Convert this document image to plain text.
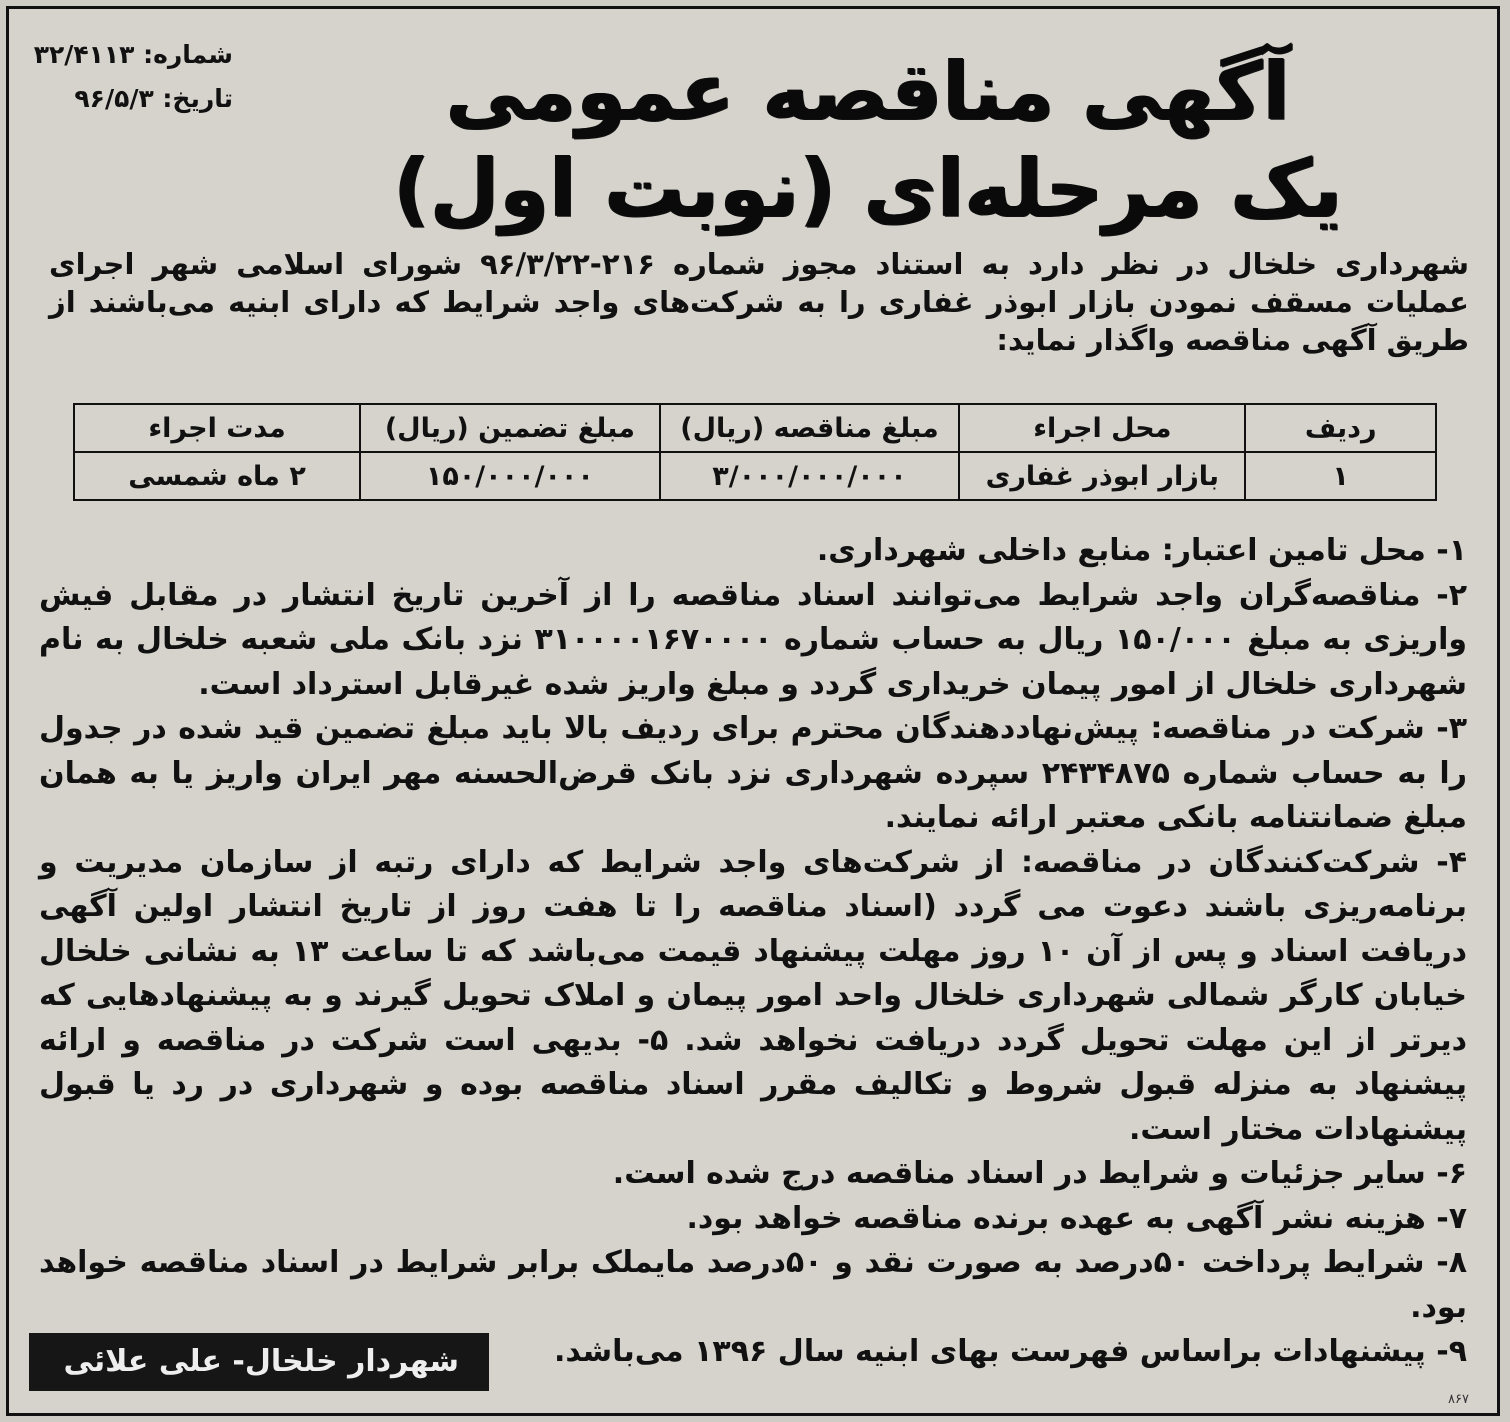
شماره: ۳۲/۴۱۱۳
تاریخ: ۹۶/۵/۳	آگهی مناقصه عمومی
یک مرحله‌ای (نوبت اول)
شهرداری خلخال در نظر دارد به استناد مجوز شماره ۲۱۶-۹۶/۳/۲۲ شورای اسلامی شهر اجرای عملیات مسقف نمودن بازار ابوذر غفاری را به شرکت‌های واجد شرایط که دارای ابنیه می‌باشند از طریق آگهی مناقصه واگذار نماید:
ردیف	محل اجراء	مبلغ مناقصه (ریال)	مبلغ تضمین (ریال)	مدت اجراء
۱	بازار ابوذر غفاری	۳/۰۰۰/۰۰۰/۰۰۰	۱۵۰/۰۰۰/۰۰۰	۲ ماه شمسی

۱- محل تامین اعتبار: منابع داخلی شهرداری.

۲- مناقصه‌گران واجد شرایط می‌توانند اسناد مناقصه را از آخرین تاریخ انتشار در مقابل فیش واریزی به مبلغ ۱۵۰/۰۰۰ ریال به حساب شماره ۳۱۰۰۰۰۱۶۷۰۰۰۰ نزد بانک ملی شعبه خلخال به نام شهرداری خلخال از امور پیمان خریداری گردد و مبلغ واریز شده غیرقابل استرداد است.

۳- شرکت در مناقصه: پیش‌نهاددهندگان محترم برای ردیف بالا باید مبلغ تضمین قید شده در جدول را به حساب شماره ۲۴۳۴۸۷۵ سپرده شهرداری نزد بانک قرض‌الحسنه مهر ایران واریز یا به همان مبلغ ضمانتنامه بانکی معتبر ارائه نمایند.

۴- شرکت‌کنندگان در مناقصه: از شرکت‌های واجد شرایط که دارای رتبه از سازمان مدیریت و برنامه‌ریزی باشند دعوت می گردد (اسناد مناقصه را تا هفت روز از تاریخ انتشار اولین آگهی دریافت اسناد و پس از آن ۱۰ روز مهلت پیشنهاد قیمت می‌باشد که تا ساعت ۱۳ به نشانی خلخال خیابان کارگر شمالی شهرداری خلخال واحد امور پیمان و املاک تحویل گیرند و به پیشنهادهایی که دیرتر از این مهلت تحویل گردد دریافت نخواهد شد. ۵- بدیهی است شرکت در مناقصه و ارائه پیشنهاد به منزله قبول شروط و تکالیف مقرر اسناد مناقصه بوده و شهرداری در رد یا قبول پیشنهادات مختار است.

۶- سایر جزئیات و شرایط در اسناد مناقصه درج شده است.

۷- هزینه نشر آگهی به عهده برنده مناقصه خواهد بود.

۸- شرایط پرداخت ۵۰درصد به صورت نقد و ۵۰درصد مایملک برابر شرایط در اسناد مناقصه خواهد بود.

۹- پیشنهادات براساس فهرست بهای ابنیه سال ۱۳۹۶ می‌باشد.

شهردار خلخال- علی علائی
۸۶۷
